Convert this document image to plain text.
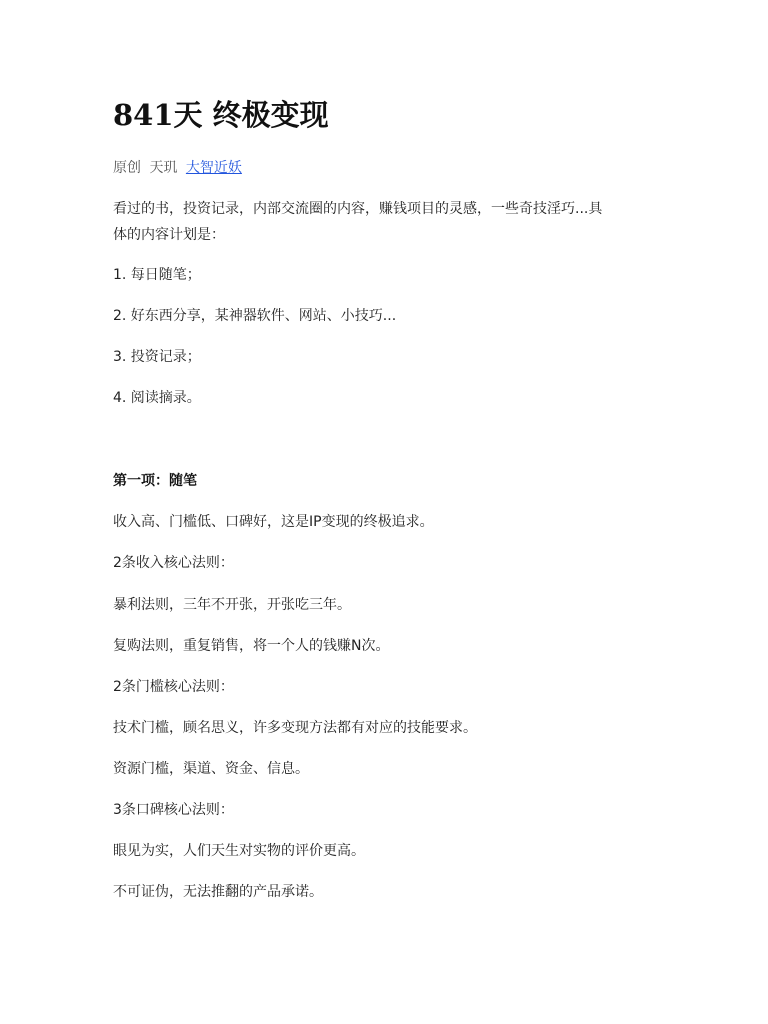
841天 终极变现
原创 天玑 大智近妖

看过的书，投资记录，内部交流圈的内容，赚钱项目的灵感，一些奇技淫巧...具

体的内容计划是：

1. 每日随笔；

2. 好东西分享，某神器软件、网站、小技巧...

3. 投资记录；

4. 阅读摘录。

第一项：随笔

收入高、门槛低、口碑好，这是IP变现的终极追求。

2条收入核心法则：

暴利法则，三年不开张，开张吃三年。

复购法则，重复销售，将一个人的钱赚N次。

2条门槛核心法则：

技术门槛，顾名思义，许多变现方法都有对应的技能要求。

资源门槛，渠道、资金、信息。

3条口碑核心法则：

眼见为实，人们天生对实物的评价更高。

不可证伪，无法推翻的产品承诺。
